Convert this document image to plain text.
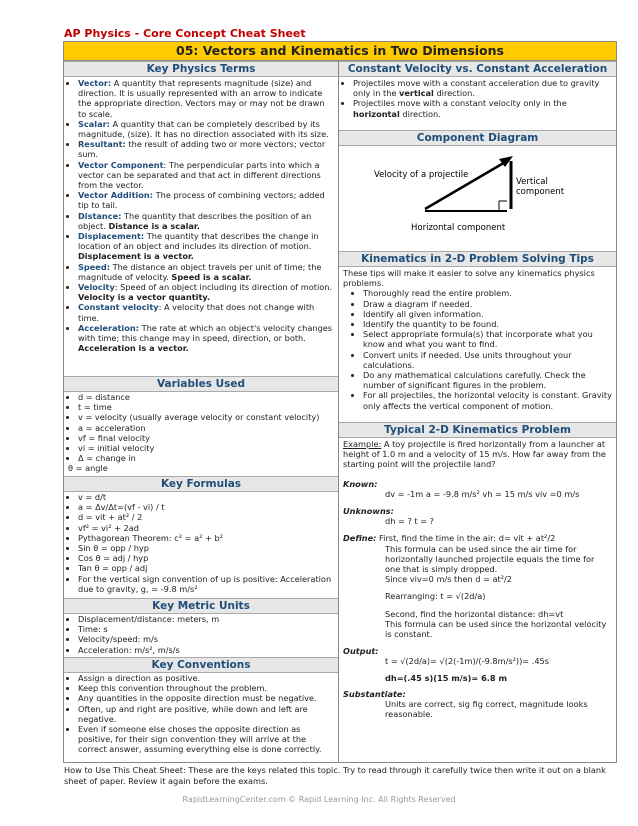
AP Physics - Core Concept Cheat Sheet
05: Vectors and Kinematics in Two Dimensions
Key Physics Terms
• Vector: A quantity that represents magnitude (size) and direction. It is usually represented with an arrow to indicate the appropriate direction. Vectors may or may not be drawn to scale.
• Scalar: A quantity that can be completely described by its magnitude, (size). It has no direction associated with its size.
• Resultant: the result of adding two or more vectors; vector sum.
• Vector Component: The perpendicular parts into which a vector can be separated and that act in different directions from the vector.
• Vector Addition: The process of combining vectors; added tip to tail.
• Distance: The quantity that describes the position of an object. Distance is a scalar.
• Displacement: The quantity that describes the change in location of an object and includes its direction of motion. Displacement is a vector.
• Speed: The distance an object travels per unit of time; the magnitude of velocity. Speed is a scalar.
• Velocity: Speed of an object including its direction of motion. Velocity is a vector quantity.
• Constant velocity: A velocity that does not change with time.
• Acceleration: The rate at which an object's velocity changes with time; this change may in speed, direction, or both. Acceleration is a vector.
Variables Used
• d = distance
• t = time
• v = velocity (usually average velocity or constant velocity)
• a = acceleration
• vf = final velocity
• vi = initial velocity
• Δ = change in
θ = angle
Key Formulas
• v = d/t
• a = Δv/Δt=(vf - vi) / t
• d = vit + at² / 2
• vf² = vi² + 2ad
• Pythagorean Theorem: c² = a² + b²
• Sin θ = opp / hyp
• Cos θ = adj / hyp
• Tan θ = opp / adj
• For the vertical sign convention of up is positive: Acceleration due to gravity, g, = -9.8 m/s²
Key Metric Units
• Displacement/distance: meters, m
• Time: s
• Velocity/speed: m/s
• Acceleration: m/s², m/s/s
Key Conventions
• Assign a direction as positive.
• Keep this convention throughout the problem.
• Any quantities in the opposite direction must be negative.
• Often, up and right are positive, while down and left are negative.
• Even if someone else choses the opposite direction as positive, for their sign convention they will arrive at the correct answer, assuming everything else is done correctly.
Constant Velocity vs. Constant Acceleration
• Projectiles move with a constant acceleration due to gravity only in the vertical direction.
• Projectiles move with a constant velocity only in the horizontal direction.
Component Diagram
Velocity of a projectile
Vertical
component
Horizontal component
Kinematics in 2-D Problem Solving Tips
These tips will make it easier to solve any kinematics physics problems.
• Thoroughly read the entire problem.
• Draw a diagram if needed.
• Identify all given information.
• Identify the quantity to be found.
• Select appropriate formula(s) that incorporate what you know and what you want to find.
• Convert units if needed. Use units throughout your calculations.
• Do any mathematical calculations carefully. Check the number of significant figures in the problem.
• For all projectiles, the horizontal velocity is constant. Gravity only affects the vertical component of motion.
Typical 2-D Kinematics Problem
Example: A toy projectile is fired horizontally from a launcher at height of 1.0 m and a velocity of 15 m/s. How far away from the starting point will the projectile land?
Known:
dv = -1m a = -9.8 m/s² vh = 15 m/s viv =0 m/s
Unknowns:
dh = ? t = ?
Define: First, find the time in the air: d= vit + at²/2
This formula can be used since the air time for horizontally launched projectile equals the time for one that is simply dropped.
Since viv=0 m/s then d = at²/2
Rearranging: t = √(2d/a)
Second, find the horizontal distance: dh=vt
This formula can be used since the horizontal velocity is constant.
Output:
t = √(2d/a)= √(2(-1m)/(-9.8m/s²))= .45s
dh=(.45 s)(15 m/s)= 6.8 m
Substantiate:
Units are correct, sig fig correct, magnitude looks reasonable.
How to Use This Cheat Sheet: These are the keys related this topic. Try to read through it carefully twice then write it out on a blank sheet of paper. Review it again before the exams.
RapidLearningCenter.com © Rapid Learning Inc. All Rights Reserved
